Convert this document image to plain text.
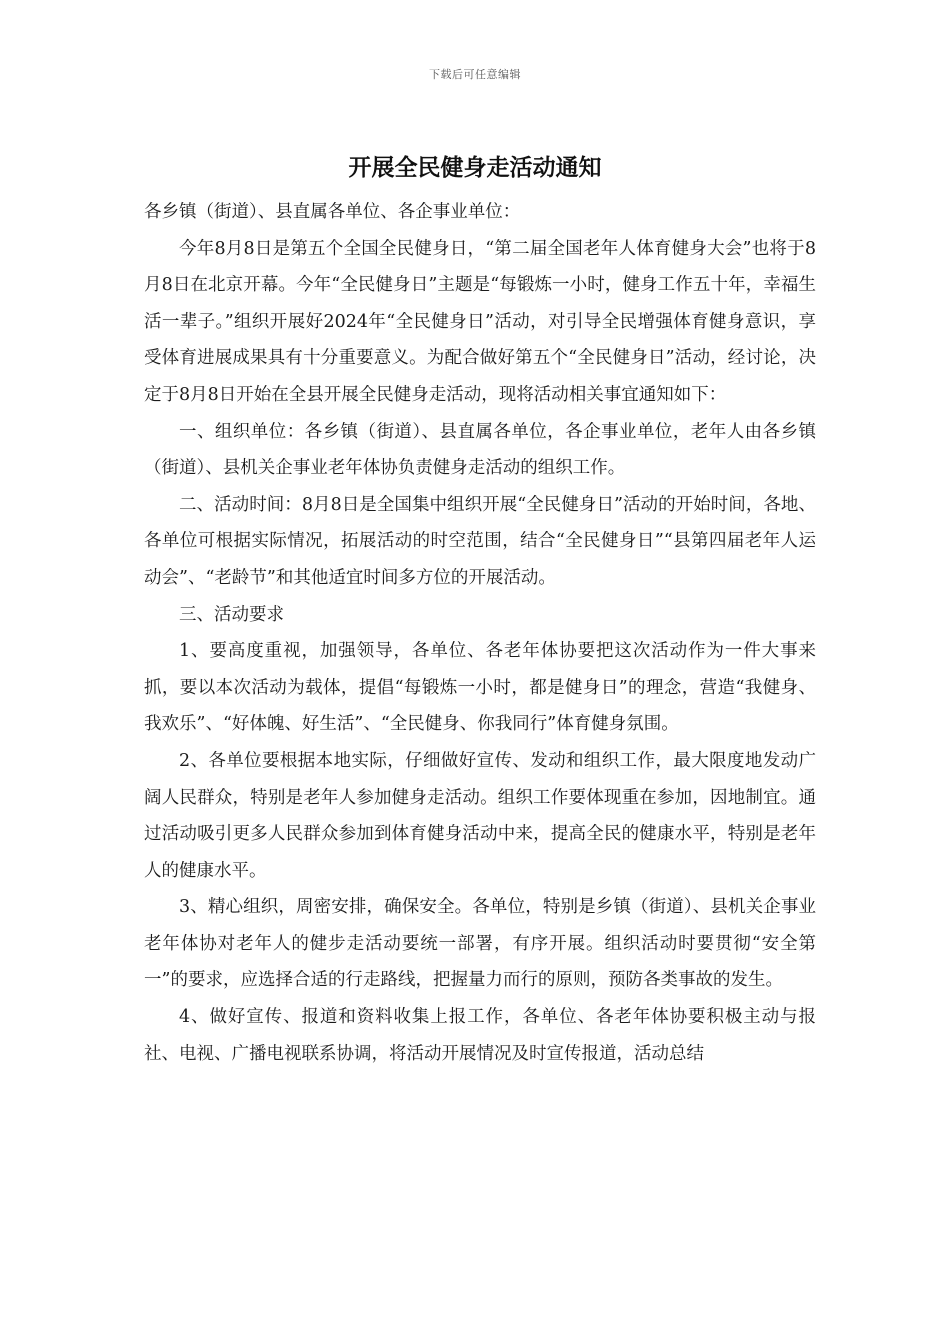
下载后可任意编辑
开展全民健身走活动通知

各乡镇（街道）、县直属各单位、各企事业单位：

今年8月8日是第五个全国全民健身日，“第二届全国老年人体育健身大会”也将于8月8日在北京开幕。今年“全民健身日”主题是“每锻炼一小时，健身工作五十年，幸福生活一辈子。”组织开展好2024年“全民健身日”活动，对引导全民增强体育健身意识，享受体育进展成果具有十分重要意义。为配合做好第五个“全民健身日”活动，经讨论，决定于8月8日开始在全县开展全民健身走活动，现将活动相关事宜通知如下：

一、组织单位：各乡镇（街道）、县直属各单位，各企事业单位，老年人由各乡镇（街道）、县机关企事业老年体协负责健身走活动的组织工作。

二、活动时间：8月8日是全国集中组织开展“全民健身日”活动的开始时间，各地、各单位可根据实际情况，拓展活动的时空范围，结合“全民健身日”“县第四届老年人运动会”、“老龄节”和其他适宜时间多方位的开展活动。

三、活动要求

1、要高度重视，加强领导，各单位、各老年体协要把这次活动作为一件大事来抓，要以本次活动为载体，提倡“每锻炼一小时，都是健身日”的理念，营造“我健身、我欢乐”、“好体魄、好生活”、“全民健身、你我同行”体育健身氛围。

2、各单位要根据本地实际，仔细做好宣传、发动和组织工作，最大限度地发动广阔人民群众，特别是老年人参加健身走活动。组织工作要体现重在参加，因地制宜。通过活动吸引更多人民群众参加到体育健身活动中来，提高全民的健康水平，特别是老年人的健康水平。

3、精心组织，周密安排，确保安全。各单位，特别是乡镇（街道）、县机关企事业老年体协对老年人的健步走活动要统一部署，有序开展。组织活动时要贯彻“安全第一”的要求，应选择合适的行走路线，把握量力而行的原则，预防各类事故的发生。

4、做好宣传、报道和资料收集上报工作，各单位、各老年体协要积极主动与报社、电视、广播电视联系协调，将活动开展情况及时宣传报道，活动总结
